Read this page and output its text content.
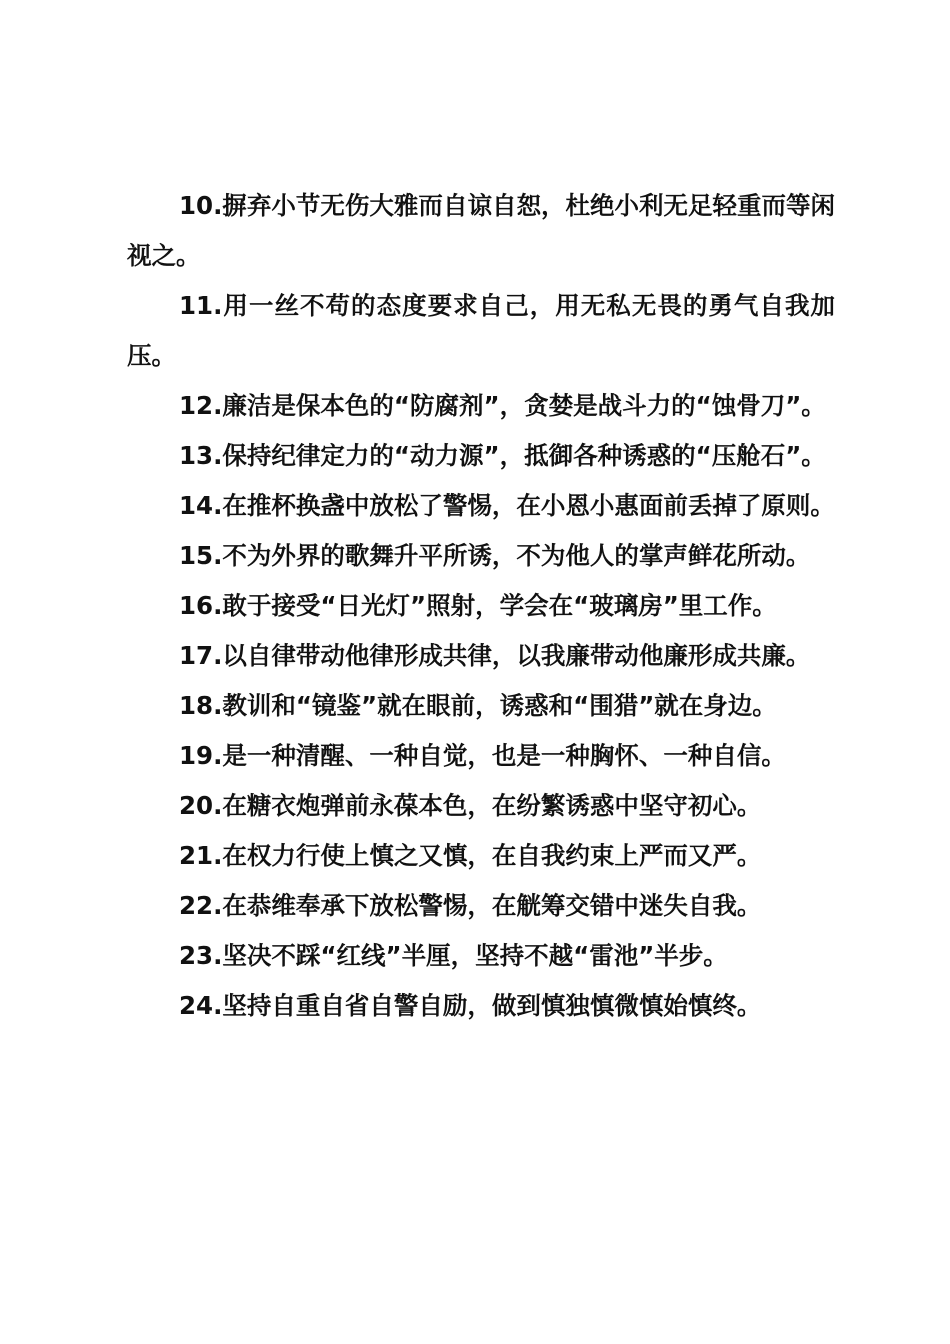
10.摒弃小节无伤大雅而自谅自恕，杜绝小利无足轻重而等闲视之。

11.用一丝不苟的态度要求自己，用无私无畏的勇气自我加压。

12.廉洁是保本色的“防腐剂”，贪婪是战斗力的“蚀骨刀”。

13.保持纪律定力的“动力源”，抵御各种诱惑的“压舱石”。

14.在推杯换盏中放松了警惕，在小恩小惠面前丢掉了原则。

15.不为外界的歌舞升平所诱，不为他人的掌声鲜花所动。

16.敢于接受“日光灯”照射，学会在“玻璃房”里工作。

17.以自律带动他律形成共律，以我廉带动他廉形成共廉。

18.教训和“镜鉴”就在眼前，诱惑和“围猎”就在身边。

19.是一种清醒、一种自觉，也是一种胸怀、一种自信。

20.在糖衣炮弹前永葆本色，在纷繁诱惑中坚守初心。

21.在权力行使上慎之又慎，在自我约束上严而又严。

22.在恭维奉承下放松警惕，在觥筹交错中迷失自我。

23.坚决不踩“红线”半厘，坚持不越“雷池”半步。

24.坚持自重自省自警自励，做到慎独慎微慎始慎终。
